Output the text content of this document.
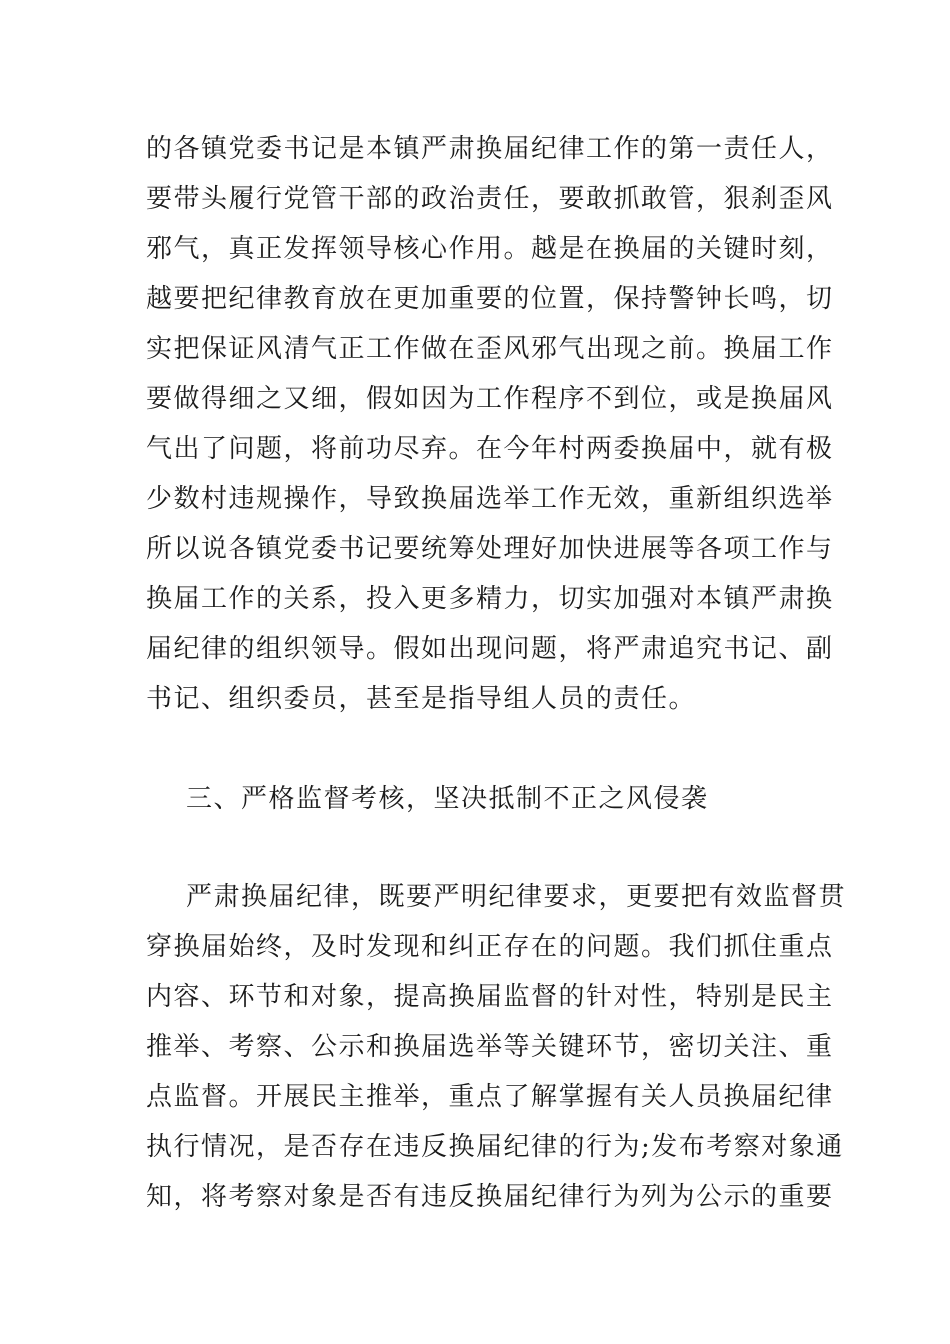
的各镇党委书记是本镇严肃换届纪律工作的第一责任人，
要带头履行党管干部的政治责任，要敢抓敢管，狠刹歪风
邪气，真正发挥领导核心作用。越是在换届的关键时刻，
越要把纪律教育放在更加重要的位置，保持警钟长鸣，切
实把保证风清气正工作做在歪风邪气出现之前。换届工作
要做得细之又细，假如因为工作程序不到位，或是换届风
气出了问题，将前功尽弃。在今年村两委换届中，就有极
少数村违规操作，导致换届选举工作无效，重新组织选举
所以说各镇党委书记要统筹处理好加快进展等各项工作与
换届工作的关系，投入更多精力，切实加强对本镇严肃换
届纪律的组织领导。假如出现问题，将严肃追究书记、副
书记、组织委员，甚至是指导组人员的责任。
三、严格监督考核，坚决抵制不正之风侵袭
严肃换届纪律，既要严明纪律要求，更要把有效监督贯
穿换届始终，及时发现和纠正存在的问题。我们抓住重点
内容、环节和对象，提高换届监督的针对性，特别是民主
推举、考察、公示和换届选举等关键环节，密切关注、重
点监督。开展民主推举，重点了解掌握有关人员换届纪律
执行情况，是否存在违反换届纪律的行为;发布考察对象通
知，将考察对象是否有违反换届纪律行为列为公示的重要
